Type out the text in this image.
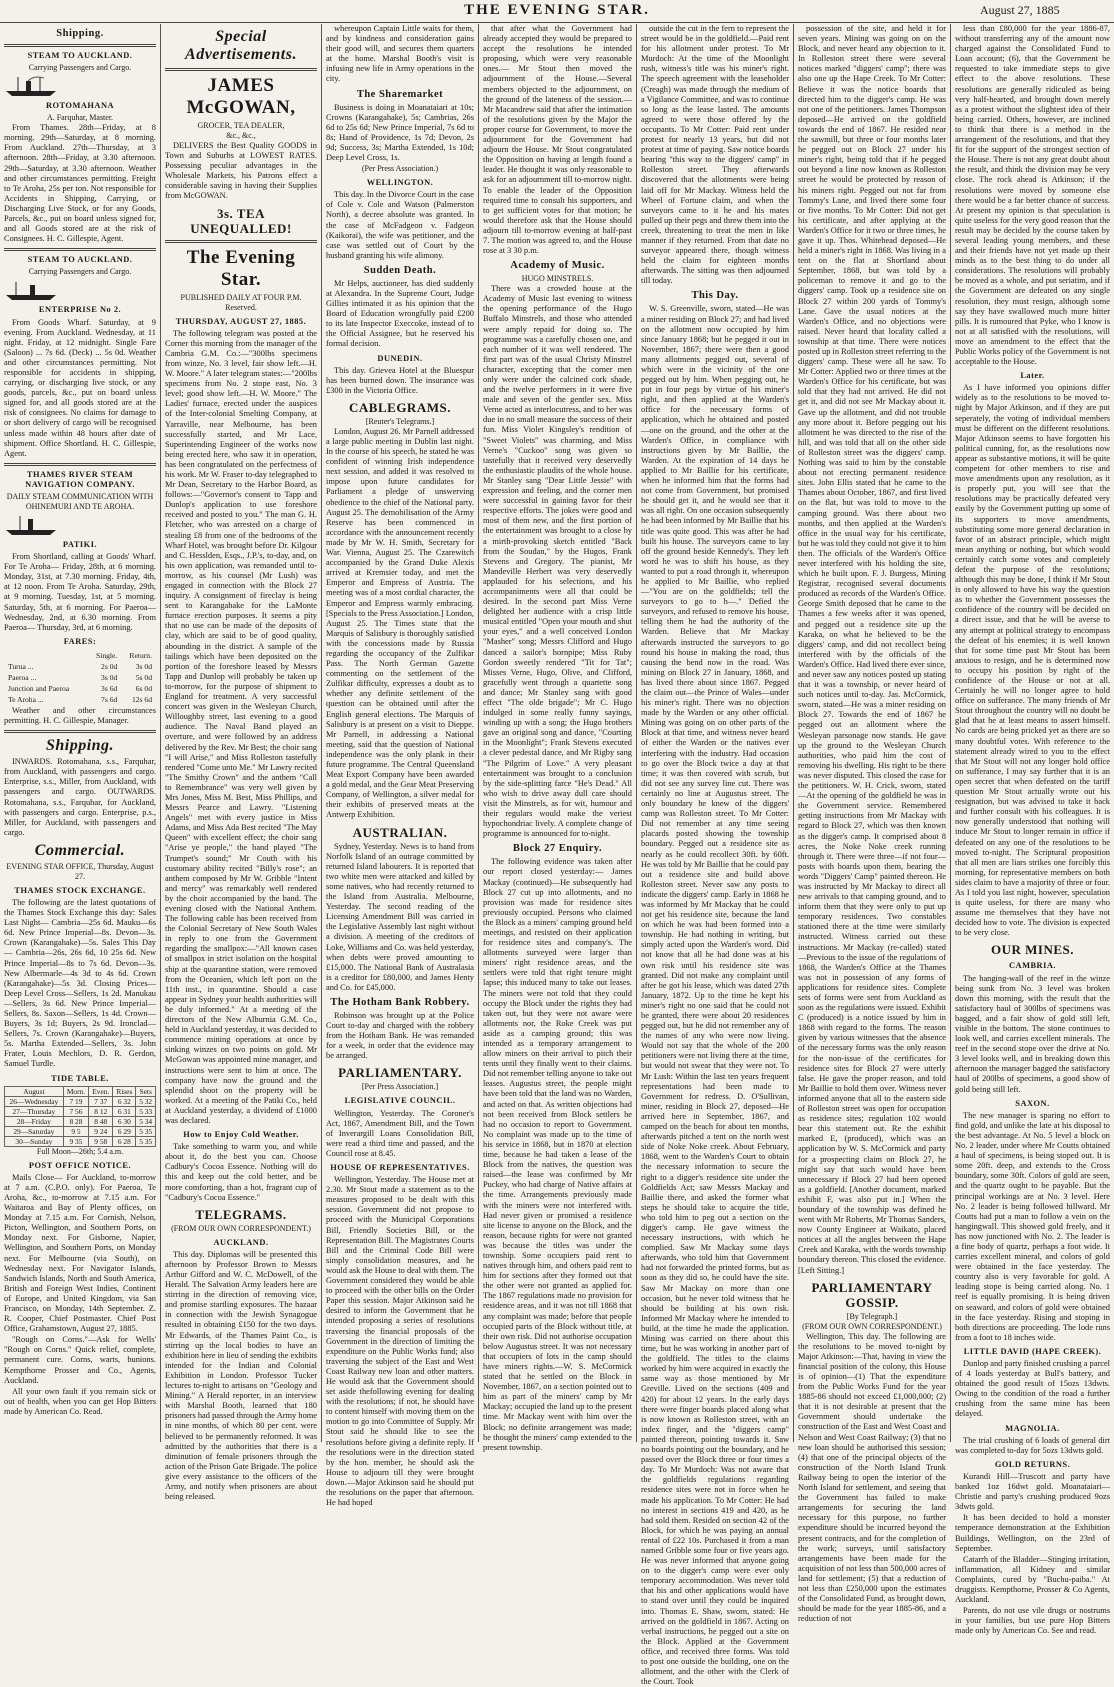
THE EVENING STAR.	August 27, 1885
Shipping.
STEAM TO AUCKLAND.
Carrying Passengers and Cargo.
ROTOMAHANA
A. Farquhar, Master.

From Thames. 28th—Friday, at 8 morning. 29th—Saturday, at 8 morning. From Auckland. 27th—Thursday, at 3 afternoon. 28th—Friday, at 3.30 afternoon. 29th—Saturday, at 3.30 afternoon. Weather and other circumstances permitting. Freight to Te Aroha, 25s per ton. Not responsible for Accidents in Shipping, Carrying, or Discharging Live Stock, or for any Goods, Parcels, &c., put on board unless signed for, and all Goods stored are at the risk of Consignees. H. C. Gillespie, Agent.

STEAM TO AUCKLAND.
Carrying Passengers and Cargo.
ENTERPRISE No 2.

From Goods Wharf. Saturday, at 9 evening. From Auckland. Wednesday, at 11 night. Friday, at 12 midnight. Single Fare (Saloon) ... 7s 6d. (Deck) ... 5s 0d. Weather and other circumstances permitting. Not responsible for accidents in shipping, carrying, or discharging live stock, or any goods, parcels, &c., put on board unless signed for, and all goods stored are at the risk of consignees. No claims for damage to or short delivery of cargo will be recognised unless made within 48 hours after date of shipment. Office Shortland. H. C. Gillespie, Agent.

THAMES RIVER STEAM NAVIGATION COMPANY.
DAILY STEAM COMMUNICATION WITH OHINEMURI AND TE AROHA.
PATIKI.

From Shortland, calling at Goods' Wharf. For Te Aroha— Friday, 28th, at 6 morning. Monday, 31st, at 7.30 morning. Friday, 4th, at 12 noon. From Te Aroha. Saturday, 29th, at 9 morning. Tuesday, 1st, at 5 morning. Saturday, 5th, at 6 morning. For Paeroa— Wednesday, 2nd, at 6.30 morning. From Paeroa— Thursday, 3rd, at 6 morning.

FARES:
	Single.	Return.
Turua ...	2s 0d	3s 0d
Paeroa ...	3s 0d	5s 0d
Junction and Paeroa	3s 6d	6s 0d
Te Aroha ...	7s 6d	12s 6d

Weather and other circumstances permitting. H. C. Gillespie, Manager.

Shipping.

INWARDS. Rotomahana, s.s., Farquhar, from Auckland, with passengers and cargo. Enterprise, s.s., Miller, from Auckland, with passengers and cargo. OUTWARDS. Rotomahana, s.s., Farquhar, for Auckland, with passengers and cargo. Enterprise, p.s., Miller, for Auckland, with passengers and cargo.

Commercial.
EVENING STAR OFFICE, Thursday, August 27.
THAMES STOCK EXCHANGE.

The following are the latest quotations of the Thames Stock Exchange this day: Sales Last Night— Cambria—25s 6d. Mauku—6s 6d. New Prince Imperial—8s. Devon—3s. Crown (Karangahake)—5s. Sales This Day— Cambria—26s, 26s 6d, 10 25s 6d. New Prince Imperial—8s to 7s 6d. Devon—3s. New Albermarle—4s 3d to 4s 6d. Crown (Karangahake)—5s 3d. Closing Prices— Deep Level Cross—Sellers, 1s 2d. Manukau—Sellers, 3s 6d. New Prince Imperial—Sellers, 8s. Saxon—Sellers, 1s 4d. Crown—Buyers, 3s 1d; Buyers, 2s 9d. Ironclad—Sellers, 7s. Crown (Karangahake)—Buyers, 5s. Martha Extended—Sellers, 3s. John Frater, Louis Mechlors, D. R. Gerdon, Samuel Turdle.

TIDE TABLE.
August	Morn.	Even.	Rises	Sets
26—Wednesday	7 19	7 37	6 32	5 32
27—Thursday	7 56	8 12	6 31	5 33
28—Friday	8 28	8 48	6 30	5 34
29—Saturday	9 5	9 24	6 29	5 35
30—Sunday	9 35	9 58	6 28	5 35
Full Moon—26th; 5.4 a.m.
POST OFFICE NOTICE.

Mails Close— For Auckland, to-morrow at 7 a.m. (C.P.O. only). For Paeroa, Te Aroha, &c., to-morrow at 7.15 a.m. For Waitaroa and Bay of Plenty offices, on Monday at 7.15 a.m. For Cornish, Nelson, Picton, Wellington, and Southern Ports, on Monday next. For Gisborne, Napier, Wellington, and Southern Ports, on Monday next. For Melbourne (via South), on Wednesday next. For Navigator Islands, Sandwich Islands, North and South America, British and Foreign West Indies, Continent of Europe, and United Kingdom, via San Francisco, on Monday, 14th September. Z. R. Cooper, Chief Postmaster. Chief Post Office, Grahamstown, August 27, 1885.

"Rough on Corns."—Ask for Wells' "Rough on Corns." Quick relief, complete, permanent cure. Corns, warts, bunions. Kempthorne Prosser and Co., Agents, Auckland.

All your own fault if you remain sick or out of health, when you can get Hop Bitters made by American Co. Read.

Special Advertisements.
JAMES McGOWAN,
GROCER, TEA DEALER,
&c., &c.,

DELIVERS the Best Quality GOODS in Town and Suburbs at LOWEST RATES. Possessing peculiar advantages in the Wholesale Markets, his Patrons effect a considerable saving in having their Supplies from McGOWAN.

3s. TEA UNEQUALLED!
The Evening Star.
PUBLISHED DAILY AT FOUR P.M.
Reserved.
THURSDAY, AUGUST 27, 1885.

The following telegram was posted at the Corner this morning from the manager of the Cambria G.M. Co.:—"300lbs specimens from winze, No. 3 level, fair show left.—H. W. Moore." A later telegram states:—"200lbs specimens from No. 2 stope east, No. 3 level; good show left.—H. W. Moore." The Ladies' furnace, erected under the auspices of the Inter-colonial Smelting Company, at Yarraville, near Melbourne, has been successfully started, and Mr Lace, Superintending Engineer of the works now being erected here, who saw it in operation, has been congratulated on the perfectness of his work. Mr W. Fraser to-day telegraphed to Mr Dean, Secretary to the Harbor Board, as follows:—"Governor's consent to Tapp and Dunlop's application to use foreshore received and posted to you." The man G. H. Fletcher, who was arrested on a charge of stealing £8 from one of the bedrooms of the Wharf Hotel, was brought before Dr. Kilgour and C. Hesslden, Esqs., J.P.'s, to-day, and, on his own application, was remanded until to-morrow, as his counsel (Mr Lush) was engaged in connection with the Block 27 inquiry. A consignment of fireclay is being sent to Karangahake for the LaMonte furnace erection purposes. It seems a pity that no use can be made of the deposits of clay, which are said to be of good quality, abounding in the district. A sample of the tailings which have been deposited on the portion of the foreshore leased by Messrs Tapp and Dunlop will probably be taken up to-morrow, for the purpose of shipment to England for treatment. A very successful concert was given in the Wesleyan Church, Willoughby street, last evening to a good audience. The Naval Band played an overture, and were followed by an address delivered by the Rev. Mr Best; the choir sang "I will Arise," and Miss Rolleston tastefully rendered "Come unto Me." Mr Lawry recited "The Smithy Crown" and the anthem "Call to Remembrance" was very well given by Mrs Jones, Miss M. Best, Miss Phillips, and Messrs Pearce and Lawry. "Listening Angels" met with every justice in Miss Adams, and Miss Ada Best recited "The May Queen" with excellent effect; the choir sang "Arise ye people," the band played "The Trumpet's sound;" Mr Couth with his customary ability recited "Billy's rose"; an anthem composed by Mr W. Gribble "Intent and mercy" was remarkably well rendered by the choir accompanied by the band. The evening closed with the National Anthem. The following cable has been received from the Colonial Secretary of New South Wales in reply to one from the Government regarding the smallpox:—"All known cases of smallpox in strict isolation on the hospital ship at the quarantine station, were removed from the Oceanien, which left port on the 11th inst., in quarantine. Should a case appear in Sydney your health authorities will be duly informed." At a meeting of the directors of the New Alburnia G.M. Co., held in Auckland yesterday, it was decided to commence mining operations at once by sinking winzes on two points on gold. Mr McGowan was appointed mine manager, and instructions were sent to him at once. The company have now the ground and the splendid shoot on the property will be worked. At a meeting of the Patiki Co., held at Auckland yesterday, a dividend of £1000 was declared.

How to Enjoy Cold Weather.

Take something to warm you, and while about it, do the best you can. Choose Cadbury's Cocoa Essence. Nothing will do this and keep out the cold better, and be more comforting, than a hot, fragrant cup of "Cadbury's Cocoa Essence."

TELEGRAMS.
(FROM OUR OWN CORRESPONDENT.)
AUCKLAND.

This day. Diplomas will be presented this afternoon by Professor Brown to Messrs Arthur Gifford and W. C. McDowell, of the Herald. The Salvation Army leaders here are stirring in the direction of removing vice, and promise startling exposures. The bazaar in connection with the Jewish Synagogue resulted in obtaining £150 for the two days. Mr Edwards, of the Thames Paint Co., is stirring up the local bodies to have an exhibition here in lieu of sending the exhibits intended for the Indian and Colonial Exhibition in London. Professor Tucker lectures to-night to artisans on "Geology and Mining." A Herald reporter, in an interview with Marshal Booth, learned that 180 prisoners had passed through the Army home in nine months, of which 80 per cent. were believed to be permanently reformed. It was admitted by the authorities that there is a diminution of female prisoners through the action of the Prison Gate Brigade. The police give every assistance to the officers of the Army, and notify when prisoners are about being released.

whereupon Captain Little waits for them, and by kindness and consideration gains their good will, and secures them quarters at the home. Marshal Booth's visit is infusing new life in Army operations in the city.

The Sharemarket

Business is doing in Moanataiari at 10s; Crowns (Karangahake), 5s; Cambrias, 26s 6d to 25s 6d; New Prince Imperial, 7s 6d to 8s; Hand of Providence, 1s 7d; Devon, 2s 9d; Success, 3s; Martha Extended, 1s 10d; Deep Level Cross, 1s.

(Per Press Association.)
WELLINGTON.

This day. In the Divorce Court in the case of Cole v. Cole and Watson (Palmerston North), a decree absolute was granted. In the case of McFadgeon v. Fadgeon (Kaikorai), the wife was petitioner, and the case was settled out of Court by the husband granting his wife alimony.

Sudden Death.

Mr Helps, auctioneer, has died suddenly at Alexandra. In the Supreme Court, Judge Gillies intimated it as his opinion that the Board of Education wrongfully paid £200 to its late Inspector Execcoke, instead of to the Official Assignee, but he reserved his formal decision.

DUNEDIN.

This day. Grievea Hotel at the Bluespur has been burned down. The insurance was £300 in the Victoria Office.

CABLEGRAMS.
[Reuter's Telegrams.]

London, August 26. Mr Parnell addressed a large public meeting in Dublin last night. In the course of his speech, he stated he was confident of winning Irish independence next session, and added it was resolved to impose upon future candidates for Parliament a pledge of unswerving obedience to the chief of the National party. August 25. The demobilisation of the Army Reserve has been commenced in accordance with the announcement recently made by Mr W. H. Smith, Secretary for War. Vienna, August 25. The Czarewitch accompanied by the Grand Duke Alexis arrived at Kremsier today, and met the Emperor and Empress of Austria. The meeting was of a most cordial character, the Emperor and Empress warmly embracing. [Specials to the Press Association.] London, August 25. The Times state that the Marquis of Salisbury is thoroughly satisfied with the concessions made by Russia regarding the occupancy of the Zulfikar Pass. The North German Gazette commenting on the settlement of the Zulfikar difficulty, expresses a doubt as to whether any definite settlement of the question can be obtained until after the English general elections. The Marquis of Salisbury is at present on a visit to Dieppe. Mr Parnell, in addressing a National meeting, said that the question of National independence was the only plank in their future programme. The Central Queensland Meat Export Company have been awarded a gold medal, and the Gear Meat Preserving Company, of Wellington, a silver medal for their exhibits of preserved meats at the Antwerp Exhibition.

AUSTRALIAN.

Sydney, Yesterday. News is to hand from Norfolk Island of an outrage committed by returned Island labourers. It is reported that two white men were attacked and killed by some natives, who had recently returned to the Island from Australia. Melbourne, Yesterday. The second reading of the Licensing Amendment Bill was carried in the Legislative Assembly last night without a division. A meeting of the creditors of Loke, Williams and Co. was held yesterday, when debts were proved amounting to £15,000. The National Bank of Australasia is a creditor for £80,000, and James Henty and Co. for £45,000.

The Hotham Bank Robbery.

Robinson was brought up at the Police Court to-day and charged with the robbery from the Hotham Bank. He was remanded for a week, in order that the evidence may be arranged.

PARLIAMENTARY.
[Per Press Association.]
LEGISLATIVE COUNCIL.

Wellington, Yesterday. The Coroner's Act, 1867, Amendment Bill, and the Town of Inverargill Loans Consolidation Bill, were read a third time and passed, and the Council rose at 8.45.

HOUSE OF REPRESENTATIVES.

Wellington, Yesterday. The House met at 2.30. Mr Stout made a statement as to the measures proposed to be dealt with this session. Government did not propose to proceed with the Municipal Corporations Bill, Friendly Societies Bill, or the Representation Bill. The Magistrates Courts Bill and the Criminal Code Bill were simply consolidation measures, and he would ask the House to deal with them. The Government considered they would be able to proceed with the other bills on the Order Paper this session. Major Atkinson said he desired to inform the Government that he intended proposing a series of resolutions traversing the financial proposals of the Government in the direction of limiting the expenditure on the Public Works fund; also traversing the subject of the East and West Coast Railway new loan and other matters. He would ask that the Government should set aside thefollowing evening for dealing with the resolutions; if not, he should have to content himself with moving them on the motion to go into Committee of Supply. Mr Stout said he should like to see the resolutions before giving a definite reply. If the resolutions were in the direction stated by the hon. member, he should ask the House to adjourn till they were brought down.—Major Atkinson said he should put the resolutions on the paper that afternoon. He had hoped

that after what the Government had already accepted they would be prepared to accept the resolutions he intended proposing, which were very reasonable ones.— Mr Stout then moved the adjournment of the House.—Several members objected to the adjournment, on the ground of the lateness of the session.—Mr Macandrew said that after the intimation of the resolutions given by the Major the proper course for Government, to move the adjournment for the Government had adjourn the House. Mr Stout congratulated the Opposition on having at length found a leader. He thought it was only reasonable to ask for an adjournment till to-morrow night. To enable the leader of the Opposition required time to consult his supporters, and to get sufficient votes for that motion; he would therefore ask that the House should adjourn till to-morrow evening at half-past 7. The motion was agreed to, and the House rose at 3 30 p.m.

Academy of Music.
HUGO MINSTRELS.

There was a crowded house at the Academy of Music last evening to witness the opening performance of the Hugo Buffalo Minstrels, and those who attended were amply repaid for doing so. The programme was a carefully chosen one, and each number of it was well rendered. The first part was of the usual Christy Minstrel character, excepting that the corner men only were under the calcined cork shade, and the twelve performers in it were five male and seven of the gentler sex. Miss Verne acted as interlocutress, and to her was due in no small measure the success of their fun. Miss Violet Kingsley's rendition of "Sweet Violets" was charming, and Miss Verne's "Cuckoo" song was given so tastefully that it received very deservedly the enthusiastic plaudits of the whole house. Mr Stanley sang "Dear Little Jessie" with expression and feeling, and the corner men were successful in gaining favor for their respective efforts. The jokes were good and most of them new, and the first portion of the entertainment was brought to a close by a mirth-provoking sketch entitled "Back from the Soudan," by the Hugos, Frank Stevens and Gregory. The pianist, Mr Mandeville Herbert was very deservedly applauded for his selections, and his accompaniments were all that could be desired. In the second part Miss Verne delighted her audience with a crisp little musical entitled "Open your mouth and shut your eyes," and a well conceived London "Masher" song; Messrs Clifford and Hugo danced a sailor's hornpipe; Miss Ruby Gordon sweetly rendered "Tit for Tat"; Misses Verne, Hugo, Olive, and Clifford, gracefully went through a quartette song and dance; Mr Stanley sang with good effect "The olde brigade"; Mr C. Hugo indulged in some really funny sayings, winding up with a song; the Hugo brothers gave an original song and dance, "Courting in the Moonlight"; Frank Stevens executed a clever pedestal dance, and Mr Rigby sang "The Pilgrim of Love." A very pleasant entertainment was brought to a conclusion by the side-splitting farce "He's Dead." All who wish to drive away dull care should visit the Minstrels, as for wit, humour and their regulars would make the veriest hypochondriac lively. A complete change of programme is announced for to-night.

Block 27 Enquiry.

The following evidence was taken after our report closed yesterday:— James Mackay (continued)—He subsequently had Block 27 cut up into allotments, and no provision was made for residence sites previously occupied. Persons who claimed the Block as a miners' camping ground held meetings, and resisted on their application for residence sites and company's. The allotments surveyed were larger than miners' right residence areas, and the settlers were told that right tenure might lapse; this induced many to take out leases. The miners were not told that they could occupy the Block under the rights they had taken out, but they were not aware were allotments nor, the Roke Creek was put aside as a camping ground; this was intended as a temporary arrangement to allow miners on their arrival to pitch their tents until they finally went to their claims. Did not remember telling anyone to take out leases. Augustus street, the people might have been told that the land was no Warden, and acted on that. As written objections had not been received from Block settlers he had no occasion to report to Government. No complaint was made up to the time of his service in 1868, but in 1870 at election time, because he had taken a lease of the Block from the natives, the question was raised—the lease was confirmed by Mr Puckey, who had charge of Native affairs at the time. Arrangements previously made with the miners were not interfered with. Had never given or promised a residence site license to anyone on the Block, and the reason, because rights for were not granted was because the titles was under the township. Some occupiers paid rent to natives through him, and others paid rent to him for sections after they formed out that the other were not granted as applied for. The 1867 regulations made no provision for residence areas, and it was not till 1868 that any complaint was made; before that people occupied parts of the Block without title, at their own risk. Did not authorise occupation below Augustus street. It was not necessary that occupiers of lots in the camp should have miners rights.—W. S. McCormick stated that he settled on the Block in November, 1867, on a section pointed out to him as part of the miners' camp by Mr Mackay; occupied the land up to the present time. Mr Mackay went with him over the Block; no definite arrangement was made; he thought the miners' camp extended to the present township.

outside the cut in the fern to represent the street would be in the goldfield.—Paid rent for his allotment under protest. To Mr Murdoch: At the time of the Moonlight rush, witness's title was his miner's right. The speech agreement with the leaseholder (Creagh) was made through the medium of a Vigilance Committee, and was to continue so long as the lease lasted. The amounts agreed to were those offered by the occupants. To Mr Cotter: Paid rent under protest for nearly 13 years, but did not protest at time of paying. Saw notice boards bearing "this way to the diggers' camp" in Rolleston street. They afterwards discovered that the allotments were being laid off for Mr Mackay. Witness held the Wheel of Fortune claim, and when the surveyors came to it he and his mates pulled up their pegs and threw them into the creek, threatening to treat the men in like manner if they returned. From that date no surveyor appeared there, though witness held the claim for eighteen months afterwards. The sitting was then adjourned till today.

This Day.

W. S. Greenville, sworn, stated—He was a miner residing on Block 27; and had lived on the allotment now occupied by him since January 1868; but he pegged it out in November, 1867; there were then a good many allotments pegged out, several of which were in the vicinity of the one pegged out by him. When pegging out, he put in four pegs by virtue of his miner's right, and then applied at the Warden's office for the necessary forms of application, which he obtained and posted —one on the ground, and the other at the Warden's Office, in compliance with instructions given by Mr Baillie, the Warden. At the expiration of 14 days he applied to Mr Baillie for his certificate, when he informed him that the forms had not come from Government, but promised he should get it, and he would see that it was all right. On one occasion subsequently he had been informed by Mr Baillie that his title was quite good. This was after he had built his house. The surveyors came to lay off the ground beside Kennedy's. They left word he was to shift his house, as they wanted to put a road through it, whereupon he applied to Mr Baillie, who replied—"You are on the goldfields; tell the surveyors to go to h—." Defied the surveyors, and refused to remove his house, telling them he had the authority of the Warden. Believe that Mr Mackay afterwards instructed the surveyors to go round his house in making the road, thus causing the bend now in the road. Was mining on Block 27 in January, 1868, and has lived there about since 1867. Pegged the claim out—the Prince of Wales—under his miner's right. There was no objection made by the Warden or any other official. Mining was going on on other parts of the Block at that time, and witness never heard of either the Warden or the natives ever interfering with the industry. Had occasion to go over the Block twice a day at that time; it was then covered with scrub, but did not see any survey line cut. There was certainly no line at Augustus street. The only boundary he knew of the diggers' camp was Rolleston street. To Mr Cotter: Did not remember at any time seeing placards posted showing the township boundary. Pegged out a residence site as nearly as he could recollect 30ft. by 60ft. He was told by Mr Baillie that he could pay out a residence site and build above Rolleston street. Never saw any posts to indicate the diggers' camp. Early in 1868 he was informed by Mr Mackay that he could not get his residence site, because the land on which he was had been formed into a township. He had nothing in writing, but simply acted upon the Warden's word. Did not know that all he had done was at his own risk until his residence site was granted. Did not make any complaint until after he got his lease, which was dated 27th January, 1872. Up to the time he kept his miner's right no one said that he could not be granted, there were about 20 residences pegged out, but he did not remember any of the names of any who were now living. Would not say that the whole of the 200 petitioners were not living there at the time, but would not swear that they were not. To Mr Lush: Within the last ten years frequent representations had been made to Government for redress. D. O'Sullivan, miner, residing in Block 27, deposed—He arrived here in September, 1867, and camped on the beach for about ten months, afterwards pitched a tent on the north west side of Noke Noke creek. About February, 1868, went to the Warden's Court to obtain the necessary information to secure the right to a digger's residence site under the Goldfields Act; saw Messrs Mackay and Baillie there, and asked the former what steps he should take to acquire the title, who told him to peg out a section on the digger's camp. He gave witness the necessary instructions, with which he complied. Saw Mr Mackay some days afterwards, who told him that Government had not forwarded the printed forms, but as soon as they did so, he could have the site. Saw Mr Mackay on more than one occasion, but he never told witness that he should be building at his own risk. Informed Mr Mackay where he intended to build, at the time he made the application. Mining was carried on there about this time, but he was working in another part of the goldfield. The titles to the claims worked by him were acquired in exactly the same way as those mentioned by Mr Greville. Lived on the sections (409 and 420) for about 12 years. In the early days there were finger boards placed along what is now known as Rolleston street, with an index finger, and the "diggers camp" painted thereon, pointing towards it. Saw no boards pointing out the boundary, and he passed over the Block three or four times a day. To Mr Murdoch: Was not aware that the goldfields regulations regarding residence sites were not in force when he made his application. To Mr Cotter: He had no interest in sections 419 and 420, as he had sold them. Resided on section 42 of the Block, for which he was paying an annual rental of £22 10s. Purchased it from a man named Gribble some four or five years ago. He was never informed that anyone going on to the digger's camp were ever only temporary accommodation. Was never told that his and other applications would have to stand over until they could be inquired into. Thomas E. Shaw, sworn, stated: He arrived on the goldfield in 1867. Acting on verbal instructions, he pegged out a site on the Block. Applied at the Government office, and received three forms. Was told to post one outside the building, one on the allotment, and the other with the Clerk of the Court. Took

possession of the site, and held it for seven years. Mining was going on on the Block, and never heard any objection to it. In Rolleston street there were several notices marked "diggers' camp"; there was also one up the Hape Creek. To Mr Cotter: Believe it was the notice boards that directed him to the digger's camp. He was not one of the petitioners. James Thompson deposed—He arrived on the goldfield towards the end of 1867. He resided near the sawmill, but three or four months later he pegged out on Block 27 under his miner's right, being told that if he pegged out beyond a line now known as Rolleston street he would be protected by reason of his miners right. Pegged out not far from Tommy's Lane, and lived there some four or five months. To Mr Cotter: Did not get his certificate, and after applying at the Warden's Office for it two or three times, he gave it up. Thos. Whitehead deposed—He held a miner's right in 1868. Was living in a tent on the flat at Shortland about September, 1868, but was told by a policeman to remove it and go to the diggers' camp. Took up a residence site on Block 27 within 200 yards of Tommy's Lane. Gave the usual notices at the Warden's Office, and no objections were raised. Never heard that locality called a township at that time. There were notices posted up in Rolleston street referring to the diggers' camp. These were all he saw. To Mr Cotter: Applied two or three times at the Warden's Office for his certificate, but was told that they had not arrived. He did not get it, and did not see Mr Mackay about it. Gave up the allotment, and did not trouble any more about it. Before pegging out his allotment he was directed to the rise of the hill, and was told that all on the other side of Rolleston street was the diggers' camp. Nothing was said to him by the constable about not erecting permanent residence sites. John Ellis stated that he came to the Thames about October, 1867, and first lived on the flat, but was told to move to the camping ground. Was there about two months, and then applied at the Warden's office in the usual way for his certificate, but he was told they could not give it to him then. The officials of the Warden's Office never interfered with his holding the site, which he built upon. F. J. Burgess, Mining Registrar, recognised several documents produced as records of the Warden's Office. George Smith deposed that he came to the Thames a few weeks after it was opened, and pegged out a residence site up the Karaka, on what he believed to be the diggers' camp, and did not recollect being interfered with by the officials of the Warden's Office. Had lived there ever since, and never saw any notices posted up stating that it was a township, or never heard of such notices until to-day. Jas. McCormick, sworn, stated—He was a miner residing on Block 27. Towards the end of 1867 he pegged out an allotment where the Wesleyan parsonage now stands. He gave up the ground to the Wesleyan Church authorities, who paid him the cost of removing his dwelling. His right to be there was never disputed. This closed the case for the petitioners. W. H. Crick, sworn, stated—At the opening of the goldfield he was in the Government service. Remembered getting instructions from Mr Mackay with regard to Block 27, which was then known as the digger's camp. It comprised about 8 acres, the Noke Noke creek running through it. There were three—if not four—posts with boards upon them, bearing the words "Diggers' Camp" painted thereon. He was instructed by Mr Mackay to direct all new arrivals to that camping ground, and to inform them that they were only to put up temporary residences. Two constables stationed there at the time were similarly instructed. Witness carried out these instructions. Mr Mackay (re-called) stated—Previous to the issue of the regulations of 1868, the Warden's Office at the Thames was not in possession of any forms of applications for residence sites. Complete sets of forms were sent from Auckland as soon as the regulations were issued. Exhibit C (produced) is a notice issued by him in 1868 with regard to the forms. The reason given by various witnesses that the absence of the necessary forms was the only reason for the non-issue of the certificates for residence sites for Block 27 were utterly false. He gave the proper reason, and told Mr Baillie to hold them over. Witness never informed anyone that all to the eastern side of Rolleston street was open for occupation as residence sites; regulation 102 would bear this statement out. Re the exhibit marked E, (produced), which was an application by W. S. McCormick and party for a prospecting claim on Block 27, he might say that such would have been unnecessary if Block 27 had been opened as a goldfield. [Another document, marked exhibit F, was also put in.] When the boundary of the township was defined he went with Mr Roberts, Mr Thomas Sanders, now County Engineer at Waikato, placed notices at all the angles between the Hape Creek and Karaka, with the words township boundary thereon. This closed the evidence. [Left Sitting.]

PARLIAMENTARY GOSSIP.
[By Telegraph.]
(FROM OUR OWN CORRESPONDENT.)

Wellington, This day. The following are the resolutions to be moved to-night by Major Atkinson:—That, having in view the financial position of the colony, this House is of opinion—(1) That the expenditure from the Public Works Fund for the year 1885-86 should not exceed £1,000,000; (2) that it is not desirable at present that the Government should undertake the construction of the East and West Coast and Nelson and West Coast Railway; (3) that no new loan should be authorised this session; (4) that one of the principal objects of the construction of the North Island Trunk Railway being to open the interior of the North Island for settlement, and seeing that the Government has failed to make arrangements for securing the land necessary for this purpose, no further expenditure should be incurred beyond the present contracts, and for the completion of the work; surveys, until satisfactory arrangements have been made for the acquisition of not less than 500,000 acres of land for settlement; (5) that a reduction of not less than £250,000 upon the estimates of the Consolidated Fund, as brought down, should be made for the year 1885-86, and a reduction of not

less than £80,000 for the year 1886-87, without transferring any of the amount now charged against the Consolidated Fund to Loan account; (6), that the Government be requested to take immediate steps to give effect to the above resolutions. These resolutions are generally ridiculed as being very half-hearted, and brought down merely as a protest without the slightest idea of their being carried. Others, however, are inclined to think that there is a method in the arrangement of the resolutions, and that they fit for the support of the strongest section of the House. There is not any great doubt about the result, and think the division may be very close. The rock ahead is Atkinson; if the resolutions were moved by someone else there would be a far better chance of success. At present my opinion is that speculation is quite useless for the very good reason that the result may be decided by the course taken by several leading young members, and these and their friends have not yet made up their minds as to the best thing to do under all considerations. The resolutions will probably be moved as a whole, and put seriatim, and if the Government are defeated on any single resolution, they must resign, although some say they have swallowed much more bitter pills. It is rumoured that Pyke, who I know is not at all satisfied with the resolutions, will move an amendment to the effect that the Public Works policy of the Government is not acceptable to the House.

Later.

As I have informed you opinions differ widely as to the resolutions to be moved to-night by Major Atkinson, and if they are put seperately, the voting of individual members must be different on the different resolutions. Major Atkinson seems to have forgotten his political cunning, for, as the resolutions now appear as substantive motions, it will be quite competent for other members to rise and move amendments upon any resolution, as it is properly put, you will see that the resolutions may be practically defeated very easily by the Government putting up some of its supporters to move amendments, substituting some more general declaration in favor of an abstract principle, which might mean anything or nothing, but which would certainly catch some votes and completely defeat the purpose of the resolutions; although this may be done, I think if Mr Stout is only allowed to have his way the question as to whether the Government possesses the confidence of the country will be decided on a direct issue, and that he will be averse to any attempt at political strategy to encompass the defeat of his enemies; it is well known that for some time past Mr Stout has been anxious to resign, and he is determined now to occupy his position by right of the confidence of the House or not at all. Certainly he will no longer agree to hold office on sufferance. The many friends of Mr Stout throughout the country will no doubt be glad that he at least means to assert himself. No cards are being pricked yet as there are so many doubtful votes. With reference to the statement already wired to you to the effect that Mr Stout will not any longer hold office on sufferance, I may say further that it is an open secret that when defeated on the tariff question Mr Stout actually wrote out his resignation, but was advised to take it back and further consult with his colleagues. It is now generally understood that nothing will induce Mr Stout to longer remain in office if defeated on any one of the resolutions to be moved to-night. The Scriptural proposition that all men are liars strikes one forcibly this morning, for representative members on both sides claim to have a majority of three or four. As I told you last night, however, speculation is quite useless, for there are many who assume me themselves that they have not decided how to vote. The division is expected to be very close.

OUR MINES.
CAMBRIA.

The hanging-wall of the reef in the winze being sunk from No. 3 level was broken down this morning, with the result that the satisfactory haul of 300lbs of specimens was bagged, and a fair show of gold still left, visible in the bottom. The stone continues to look well, and carries excellent minerals. The reef in the second stope over the drive at No. 3 level looks well, and in breaking down this afternoon the manager bagged the satisfactory haul of 200lbs of specimens, a good show of gold being still left.

SAXON.

The new manager is sparing no effort to find gold, and unlike the late at his disposal to the best advantage. At No. 5 level a block on No. 2 leader, under where Mr Coutts obtained a haul of specimens, is being stoped out. It is some 20ft. deep, and extends to the Cross boundary, some 30ft. Colors of gold are seen, and the quartz ought to be payable. But the principal workings are at No. 3 level. Here No. 2 leader is being followed hillward. Mr Coutts had put a man to follow a vein on the hangingwall. This showed gold freely, and it has now junctioned with No. 2. The leader is a fine body of quartz, perhaps a foot wide. It carries excellent mineral, and colors of gold were obtained in the face yesterday. The country also is very favorable for gold. A leading stope is being carried along. No. 1 reef is equally promising. It is being driven on seaward, and colors of gold were obtained in the face yesterday. Rising and stoping in both directions are proceeding. The lode runs from a foot to 18 inches wide.

LITTLE DAVID (HAPE CREEK).

Dunlop and party finished crushing a parcel of 4 loads yesterday at Bull's battery, and obtained the good result of 15ozs 13dwts. Owing to the condition of the road a further crushing from the same mine has been delayed.

MAGNOLIA.

The trial crushing of 6 loads of general dirt was completed to-day for 5ozs 13dwts gold.

GOLD RETURNS.

Kurandi Hill—Truscott and party have banked 1oz 16dwt gold. Moanataiari—Christie and party's crushing produced 9ozs 3dwts gold.

It has been decided to hold a monster temperance demonstration at the Exhibition Buildings, Wellington, on the 23rd of September.

Catarrh of the Bladder—Stinging irritation, inflammation, all Kidney and similar Complaints, cured by "Buchu-paiba." At druggists. Kempthorne, Prosser & Co Agents, Auckland.

Parents, do not use vile drugs or nostrums in your families, but use pure Hop Bitters made only by American Co. See and read.
